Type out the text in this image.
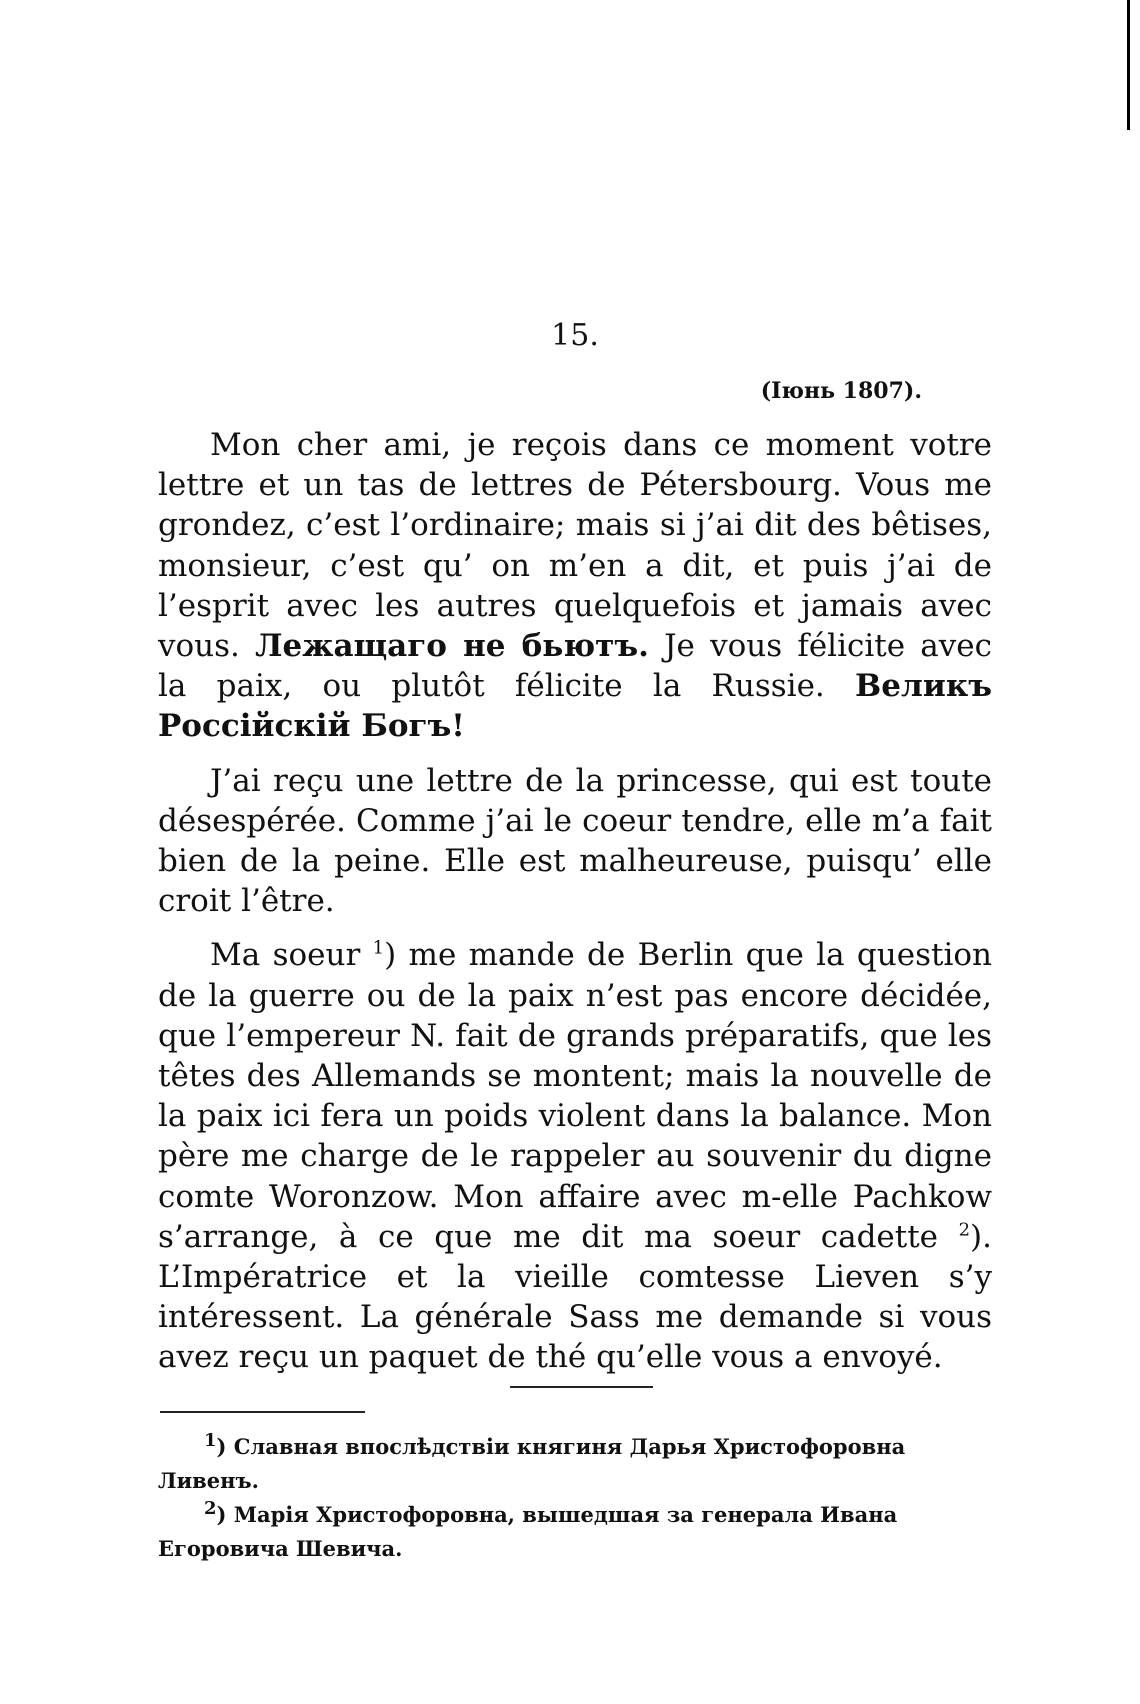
15.
(Іюнь 1807).

Mon cher ami, je reçois dans ce moment votre lettre et un tas de lettres de Pétersbourg. Vous me grondez, c’est l’ordinaire; mais si j’ai dit des bêtises, monsieur, c’est qu’ on m’en a dit, et puis j’ai de l’esprit avec les autres quelquefois et jamais avec vous. Лежащаго не бьютъ. Je vous félicite avec la paix, ou plutôt félicite la Russie. Великъ Россійскій Богъ!

J’ai reçu une lettre de la princesse, qui est toute désespérée. Comme j’ai le coeur tendre, elle m’a fait bien de la peine. Elle est malheureuse, puisqu’ elle croit l’être.

Ma soeur $^1$) me mande de Berlin que la question de la guerre ou de la paix n’est pas encore décidée, que l’empereur N. fait de grands préparatifs, que les têtes des Allemands se montent; mais la nouvelle de la paix ici fera un poids violent dans la balance. Mon père me charge de le rappeler au souvenir du digne comte Woronzow. Mon affaire avec m-elle Pachkow s’arrange, à ce que me dit ma soeur cadette $^2$). L’Impératrice et la vieille comtesse Lieven s’y intéressent. La générale Sass me demande si vous avez reçu un paquet de thé qu’elle vous a envoyé.

$^1$) Славная впослѣдствіи княгиня Дарья Христофоровна Ливенъ.

$^2$) Марія Христофоровна, вышедшая за генерала Ивана Егоровича Шевича.
